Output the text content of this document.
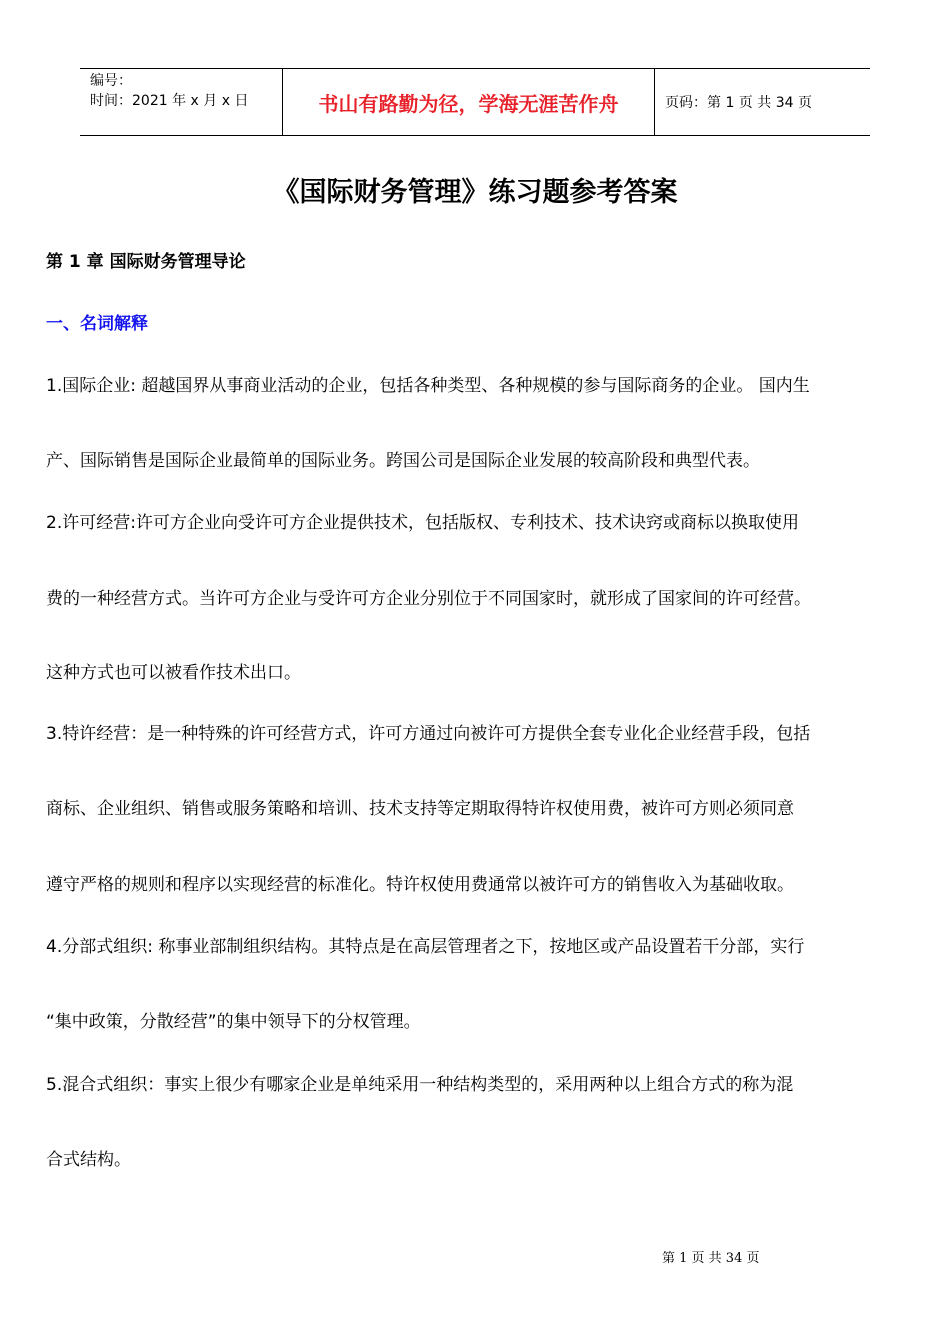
编号：
时间：2021 年 x 月 x 日	书山有路勤为径，学海无涯苦作舟	页码：第 1 页 共 34 页
《国际财务管理》练习题参考答案
第 1 章 国际财务管理导论
一、名词解释
1.国际企业: 超越国界从事商业活动的企业，包括各种类型、各种规模的参与国际商务的企业。 国内生
产、国际销售是国际企业最简单的国际业务。跨国公司是国际企业发展的较高阶段和典型代表。
2.许可经营:许可方企业向受许可方企业提供技术，包括版权、专利技术、技术诀窍或商标以换取使用
费的一种经营方式。当许可方企业与受许可方企业分别位于不同国家时，就形成了国家间的许可经营。
这种方式也可以被看作技术出口。
3.特许经营：是一种特殊的许可经营方式，许可方通过向被许可方提供全套专业化企业经营手段，包括
商标、企业组织、销售或服务策略和培训、技术支持等定期取得特许权使用费，被许可方则必须同意
遵守严格的规则和程序以实现经营的标准化。特许权使用费通常以被许可方的销售收入为基础收取。
4.分部式组织: 称事业部制组织结构。其特点是在高层管理者之下，按地区或产品设置若干分部，实行
“集中政策，分散经营”的集中领导下的分权管理。
5.混合式组织：事实上很少有哪家企业是单纯采用一种结构类型的，采用两种以上组合方式的称为混
合式结构。
第 1 页 共 34 页
